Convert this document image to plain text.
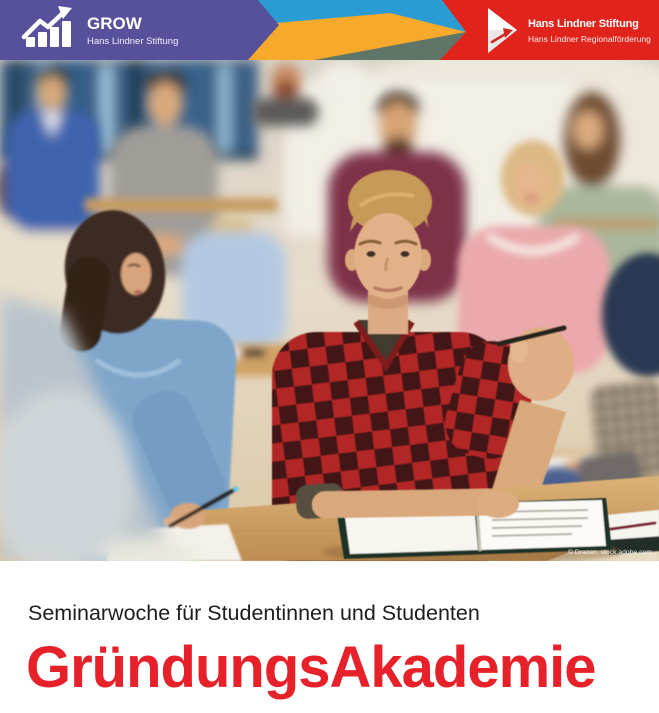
GROW
Hans Lindner Stiftung
Hans Lindner Stiftung
Hans Lindner Regionalförderung
© Drazen, stock.adobe.com
Seminarwoche für Studentinnen und Studenten
GründungsAkademie
